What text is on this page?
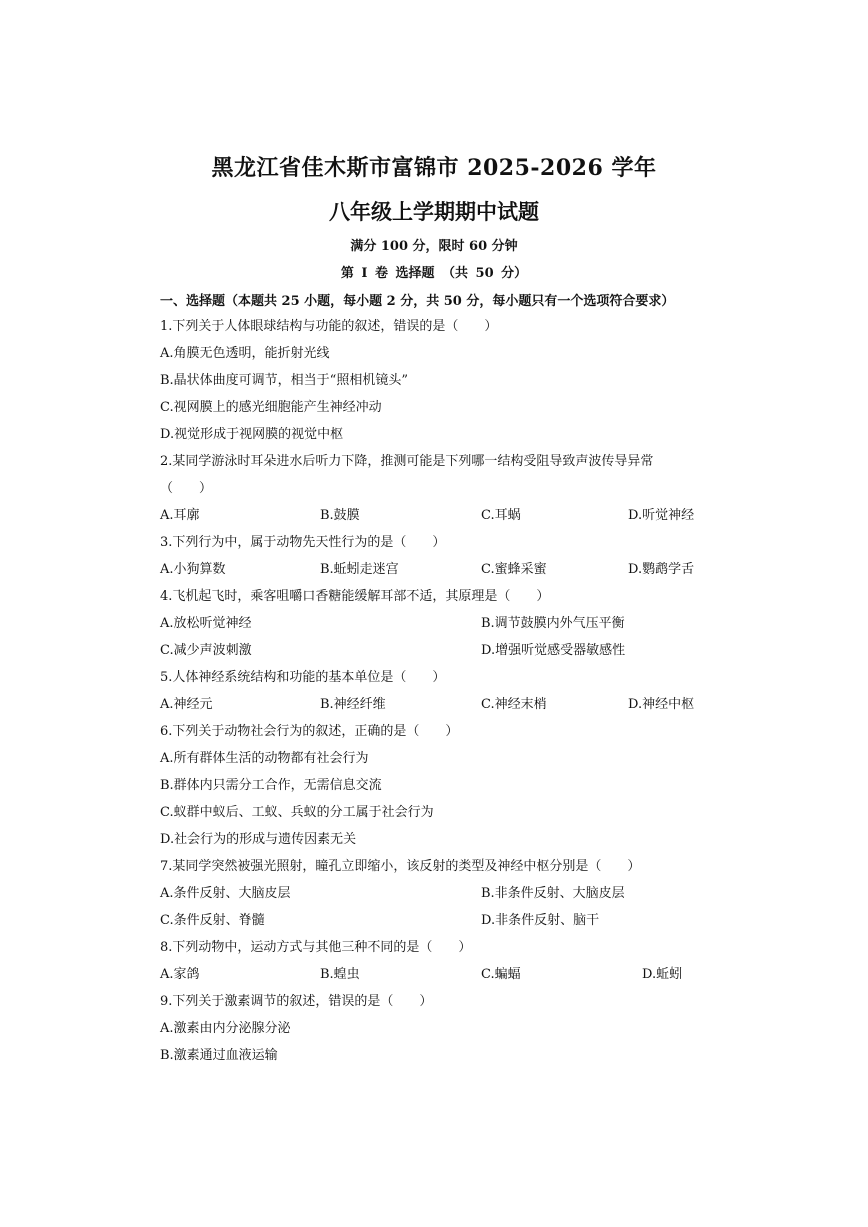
黑龙江省佳木斯市富锦市 2025-2026 学年
八年级上学期期中试题
满分 100 分，限时 60 分钟
第 Ⅰ 卷 选择题 （共 50 分）
一、选择题（本题共 25 小题，每小题 2 分，共 50 分，每小题只有一个选项符合要求）
1.下列关于人体眼球结构与功能的叙述，错误的是（　　）
A.角膜无色透明，能折射光线
B.晶状体曲度可调节，相当于“照相机镜头”
C.视网膜上的感光细胞能产生神经冲动
D.视觉形成于视网膜的视觉中枢
2.某同学游泳时耳朵进水后听力下降，推测可能是下列哪一结构受阻导致声波传导异常
（　　）
A.耳廓	B.鼓膜	C.耳蜗	D.听觉神经
3.下列行为中，属于动物先天性行为的是（　　）
A.小狗算数	B.蚯蚓走迷宫	C.蜜蜂采蜜	D.鹦鹉学舌
4.飞机起飞时，乘客咀嚼口香糖能缓解耳部不适，其原理是（　　）
A.放松听觉神经	B.调节鼓膜内外气压平衡
C.减少声波刺激	D.增强听觉感受器敏感性
5.人体神经系统结构和功能的基本单位是（　　）
A.神经元	B.神经纤维	C.神经末梢	D.神经中枢
6.下列关于动物社会行为的叙述，正确的是（　　）
A.所有群体生活的动物都有社会行为
B.群体内只需分工合作，无需信息交流
C.蚁群中蚁后、工蚁、兵蚁的分工属于社会行为
D.社会行为的形成与遗传因素无关
7.某同学突然被强光照射，瞳孔立即缩小，该反射的类型及神经中枢分别是（　　）
A.条件反射、大脑皮层	B.非条件反射、大脑皮层
C.条件反射、脊髓	D.非条件反射、脑干
8.下列动物中，运动方式与其他三种不同的是（　　）
A.家鸽	B.蝗虫	C.蝙蝠	D.蚯蚓
9.下列关于激素调节的叙述，错误的是（　　）
A.激素由内分泌腺分泌
B.激素通过血液运输
